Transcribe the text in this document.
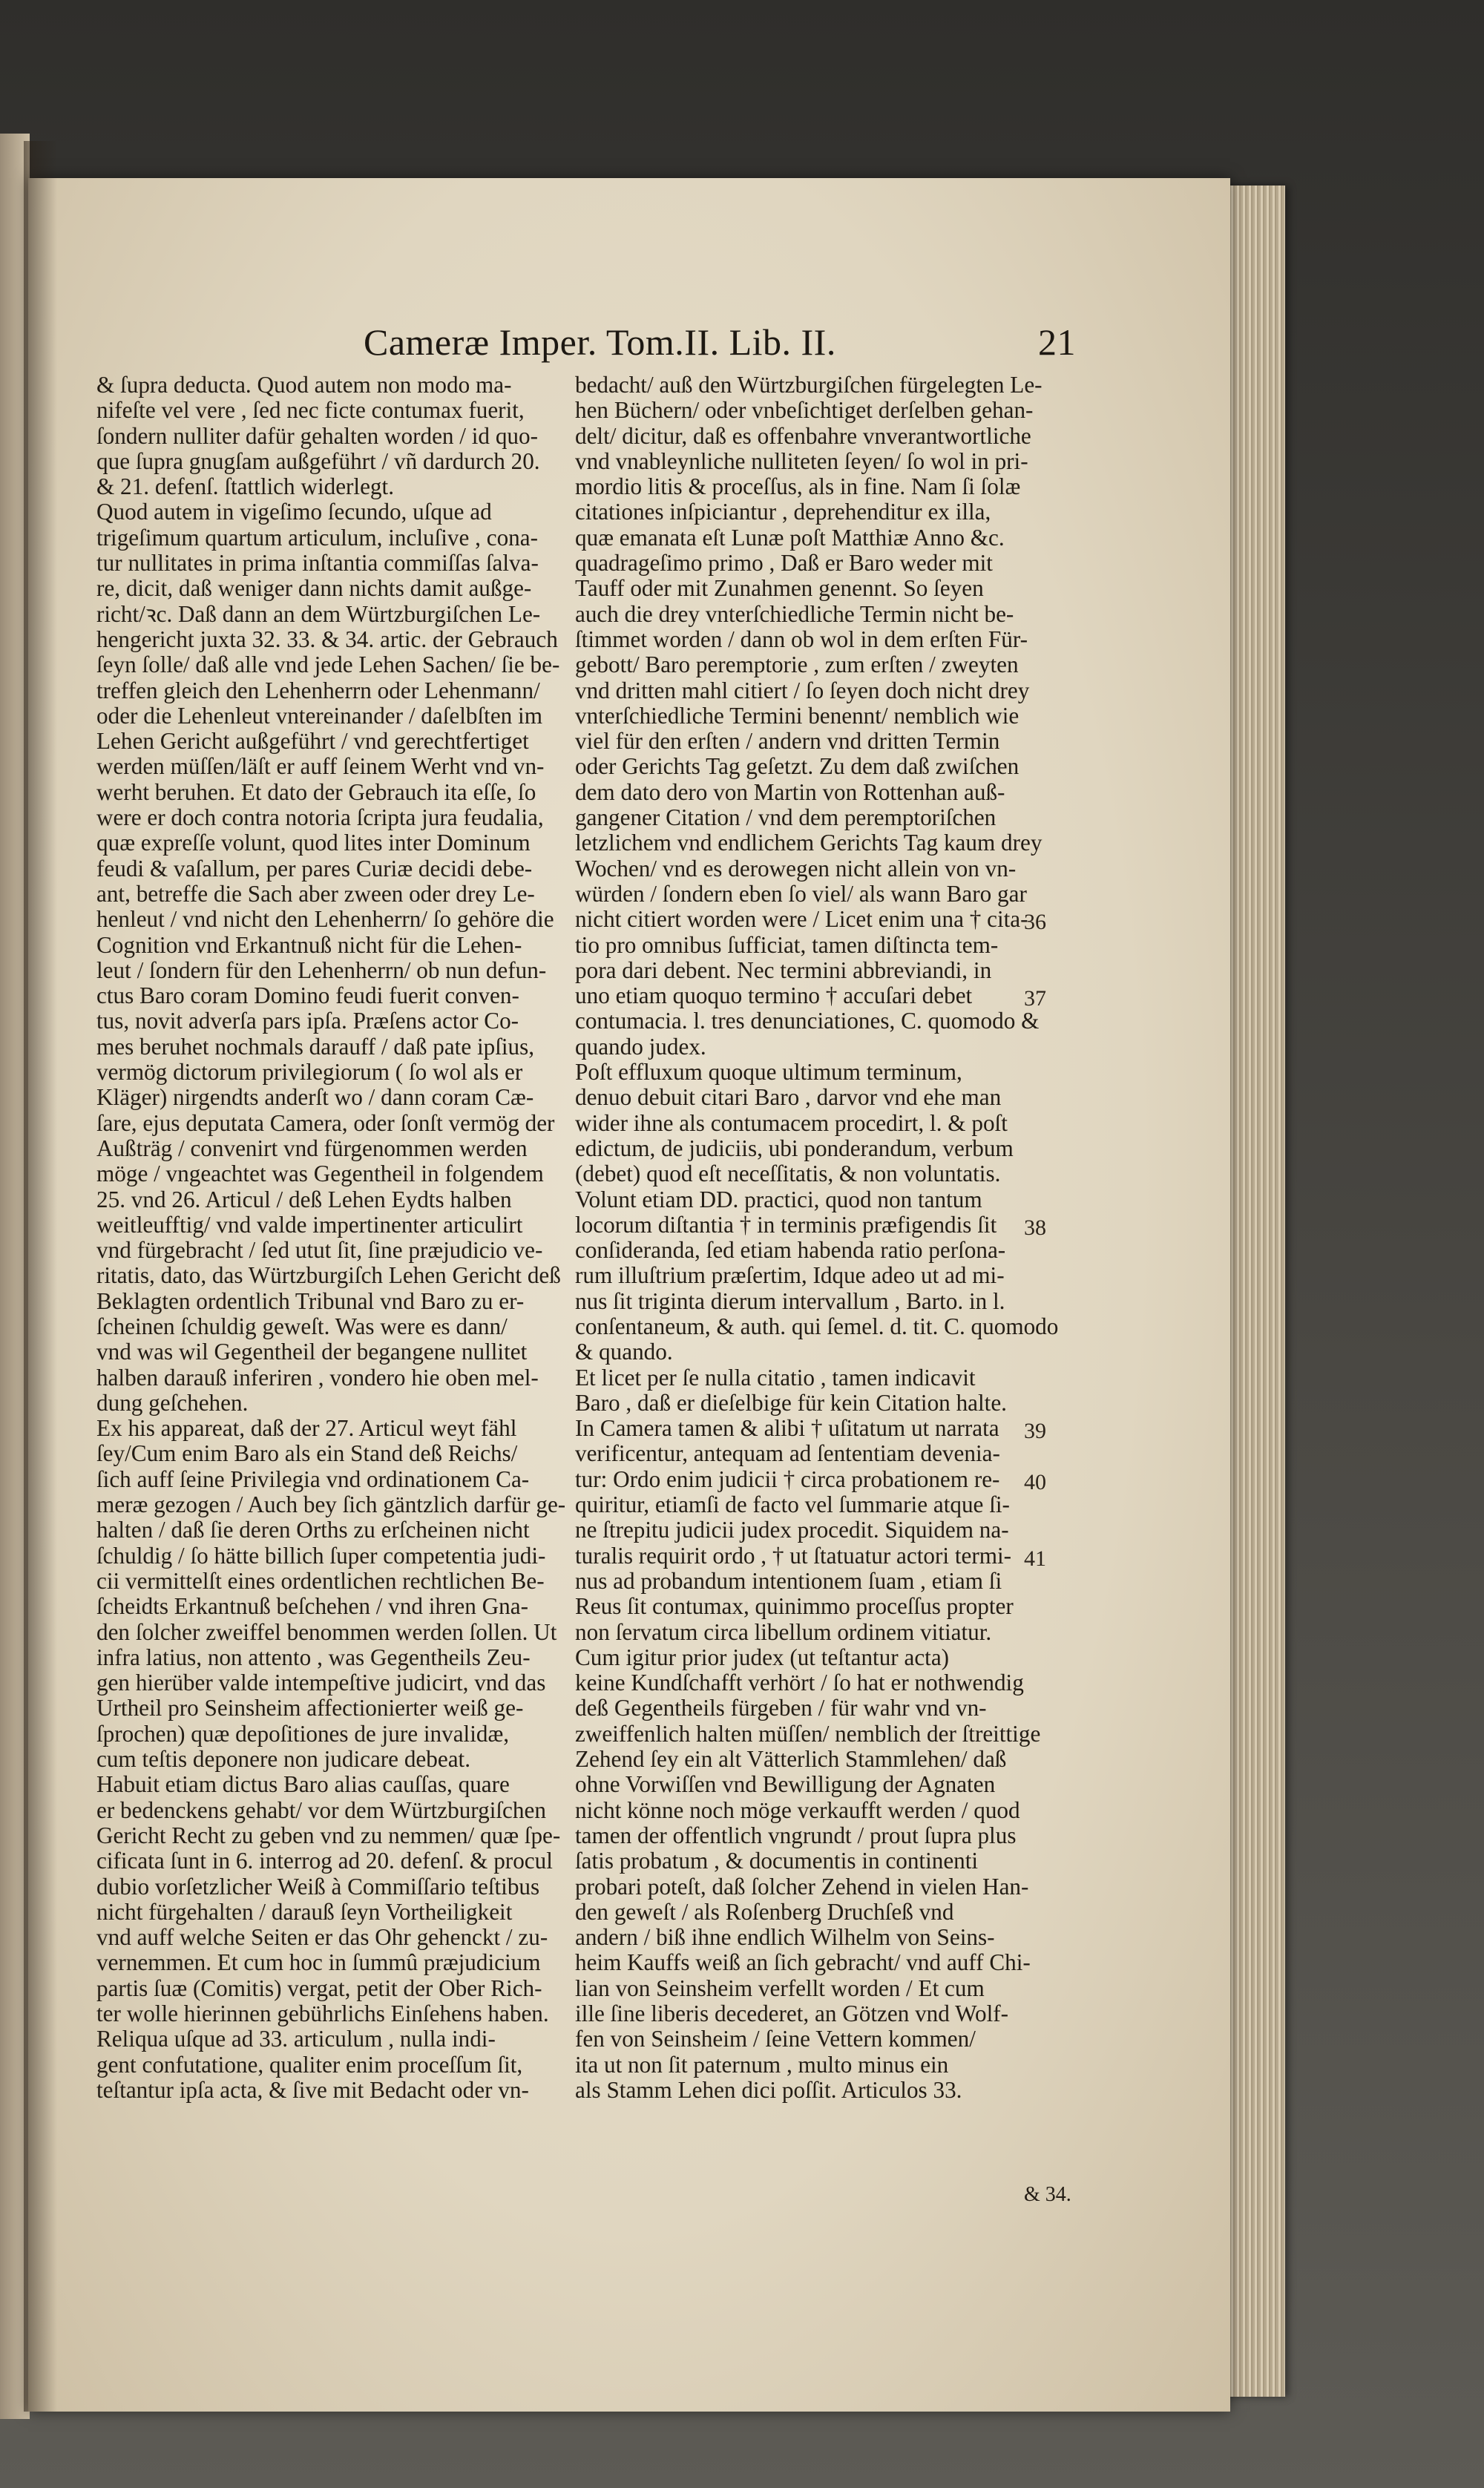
Cameræ Imper. Tom.II. Lib. II.	21
& ſupra deducta. Quod autem non modo ma-
nifeſte vel vere , ſed nec ficte contumax fuerit,
ſondern nulliter dafür gehalten worden / id quo-
que ſupra gnugſam außgeführt / vñ dardurch 20.
& 21. defenſ. ſtattlich widerlegt.
Quod autem in vigeſimo ſecundo, uſque ad
trigeſimum quartum articulum, incluſive , cona-
tur nullitates in prima inſtantia commiſſas ſalva-
re, dicit, daß weniger dann nichts damit außge-
richt/ꝛc. Daß dann an dem Würtzburgiſchen Le-
hengericht juxta 32. 33. & 34. artic. der Gebrauch
ſeyn ſolle/ daß alle vnd jede Lehen Sachen/ ſie be-
treffen gleich den Lehenherrn oder Lehenmann/
oder die Lehenleut vntereinander / daſelbſten im
Lehen Gericht außgeführt / vnd gerechtfertiget
werden müſſen/läſt er auff ſeinem Werht vnd vn-
werht beruhen. Et dato der Gebrauch ita eſſe, ſo
were er doch contra notoria ſcripta jura feudalia,
quæ expreſſe volunt, quod lites inter Dominum
feudi & vaſallum, per pares Curiæ decidi debe-
ant, betreffe die Sach aber zween oder drey Le-
henleut / vnd nicht den Lehenherrn/ ſo gehöre die
Cognition vnd Erkantnuß nicht für die Lehen-
leut / ſondern für den Lehenherrn/ ob nun defun-
ctus Baro coram Domino feudi fuerit conven-
tus, novit adverſa pars ipſa. Præſens actor Co-
mes beruhet nochmals darauff / daß pate ipſius,
vermög dictorum privilegiorum ( ſo wol als er
Kläger) nirgendts anderſt wo / dann coram Cæ-
ſare, ejus deputata Camera, oder ſonſt vermög der
Außträg / convenirt vnd fürgenommen werden
möge / vngeachtet was Gegentheil in folgendem
25. vnd 26. Articul / deß Lehen Eydts halben
weitleufftig/ vnd valde impertinenter articulirt
vnd fürgebracht / ſed utut ſit, ſine præjudicio ve-
ritatis, dato, das Würtzburgiſch Lehen Gericht deß
Beklagten ordentlich Tribunal vnd Baro zu er-
ſcheinen ſchuldig geweſt. Was were es dann/
vnd was wil Gegentheil der begangene nullitet
halben darauß inferiren , vondero hie oben mel-
dung geſchehen.
Ex his appareat, daß der 27. Articul weyt fähl
ſey/Cum enim Baro als ein Stand deß Reichs/
ſich auff ſeine Privilegia vnd ordinationem Ca-
meræ gezogen / Auch bey ſich gäntzlich darfür ge-
halten / daß ſie deren Orths zu erſcheinen nicht
ſchuldig / ſo hätte billich ſuper competentia judi-
cii vermittelſt eines ordentlichen rechtlichen Be-
ſcheidts Erkantnuß beſchehen / vnd ihren Gna-
den ſolcher zweiffel benommen werden ſollen. Ut
infra latius, non attento , was Gegentheils Zeu-
gen hierüber valde intempeſtive judicirt, vnd das
Urtheil pro Seinsheim affectionierter weiß ge-
ſprochen) quæ depoſitiones de jure invalidæ,
cum teſtis deponere non judicare debeat.
Habuit etiam dictus Baro alias cauſſas, quare
er bedenckens gehabt/ vor dem Würtzburgiſchen
Gericht Recht zu geben vnd zu nemmen/ quæ ſpe-
cificata ſunt in 6. interrog ad 20. defenſ. & procul
dubio vorſetzlicher Weiß à Commiſſario teſtibus
nicht fürgehalten / darauß ſeyn Vortheiligkeit
vnd auff welche Seiten er das Ohr gehenckt / zu-
vernemmen. Et cum hoc in ſummû præjudicium
partis ſuæ (Comitis) vergat, petit der Ober Rich-
ter wolle hierinnen gebührlichs Einſehens haben.
Reliqua uſque ad 33. articulum , nulla indi-
gent confutatione, qualiter enim proceſſum ſit,
teſtantur ipſa acta, & ſive mit Bedacht oder vn-
bedacht/ auß den Würtzburgiſchen fürgelegten Le-
hen Büchern/ oder vnbeſichtiget derſelben gehan-
delt/ dicitur, daß es offenbahre vnverantwortliche
vnd vnableynliche nulliteten ſeyen/ ſo wol in pri-
mordio litis & proceſſus, als in fine. Nam ſi ſolæ
citationes inſpiciantur , deprehenditur ex illa,
quæ emanata eſt Lunæ poſt Matthiæ Anno &c.
quadrageſimo primo , Daß er Baro weder mit
Tauff oder mit Zunahmen genennt. So ſeyen
auch die drey vnterſchiedliche Termin nicht be-
ſtimmet worden / dann ob wol in dem erſten Für-
gebott/ Baro peremptorie , zum erſten / zweyten
vnd dritten mahl citiert / ſo ſeyen doch nicht drey
vnterſchiedliche Termini benennt/ nemblich wie
viel für den erſten / andern vnd dritten Termin
oder Gerichts Tag geſetzt. Zu dem daß zwiſchen
dem dato dero von Martin von Rottenhan auß-
gangener Citation / vnd dem peremptoriſchen
letzlichem vnd endlichem Gerichts Tag kaum drey
Wochen/ vnd es derowegen nicht allein von vn-
würden / ſondern eben ſo viel/ als wann Baro gar
nicht citiert worden were / Licet enim una † cita-
tio pro omnibus ſufficiat, tamen diſtincta tem-
pora dari debent. Nec termini abbreviandi, in
uno etiam quoquo termino † accuſari debet
contumacia. l. tres denunciationes, C. quomodo &
quando judex.
Poſt effluxum quoque ultimum terminum,
denuo debuit citari Baro , darvor vnd ehe man
wider ihne als contumacem procedirt, l. & poſt
edictum, de judiciis, ubi ponderandum, verbum
(debet) quod eſt neceſſitatis, & non voluntatis.
Volunt etiam DD. practici, quod non tantum
locorum diſtantia † in terminis præfigendis ſit
conſideranda, ſed etiam habenda ratio perſona-
rum illuſtrium præſertim, Idque adeo ut ad mi-
nus ſit triginta dierum intervallum , Barto. in l.
conſentaneum, & auth. qui ſemel. d. tit. C. quomodo
& quando.
Et licet per ſe nulla citatio , tamen indicavit
Baro , daß er dieſelbige für kein Citation halte.
In Camera tamen & alibi † uſitatum ut narrata
verificentur, antequam ad ſententiam devenia-
tur: Ordo enim judicii † circa probationem re-
quiritur, etiamſi de facto vel ſummarie atque ſi-
ne ſtrepitu judicii judex procedit. Siquidem na-
turalis requirit ordo , † ut ſtatuatur actori termi-
nus ad probandum intentionem ſuam , etiam ſi
Reus ſit contumax, quinimmo proceſſus propter
non ſervatum circa libellum ordinem vitiatur.
Cum igitur prior judex (ut teſtantur acta)
keine Kundſchafft verhört / ſo hat er nothwendig
deß Gegentheils fürgeben / für wahr vnd vn-
zweiffenlich halten müſſen/ nemblich der ſtreittige
Zehend ſey ein alt Vätterlich Stammlehen/ daß
ohne Vorwiſſen vnd Bewilligung der Agnaten
nicht könne noch möge verkaufft werden / quod
tamen der offentlich vngrundt / prout ſupra plus
ſatis probatum , & documentis in continenti
probari poteſt, daß ſolcher Zehend in vielen Han-
den geweſt / als Roſenberg Druchſeß vnd
andern / biß ihne endlich Wilhelm von Seins-
heim Kauffs weiß an ſich gebracht/ vnd auff Chi-
lian von Seinsheim verfellt worden / Et cum
ille ſine liberis decederet, an Götzen vnd Wolf-
fen von Seinsheim / ſeine Vettern kommen/
ita ut non ſit paternum , multo minus ein
als Stamm Lehen dici poſſit. Articulos 33.
36
37
38
39
40
41
& 34.
